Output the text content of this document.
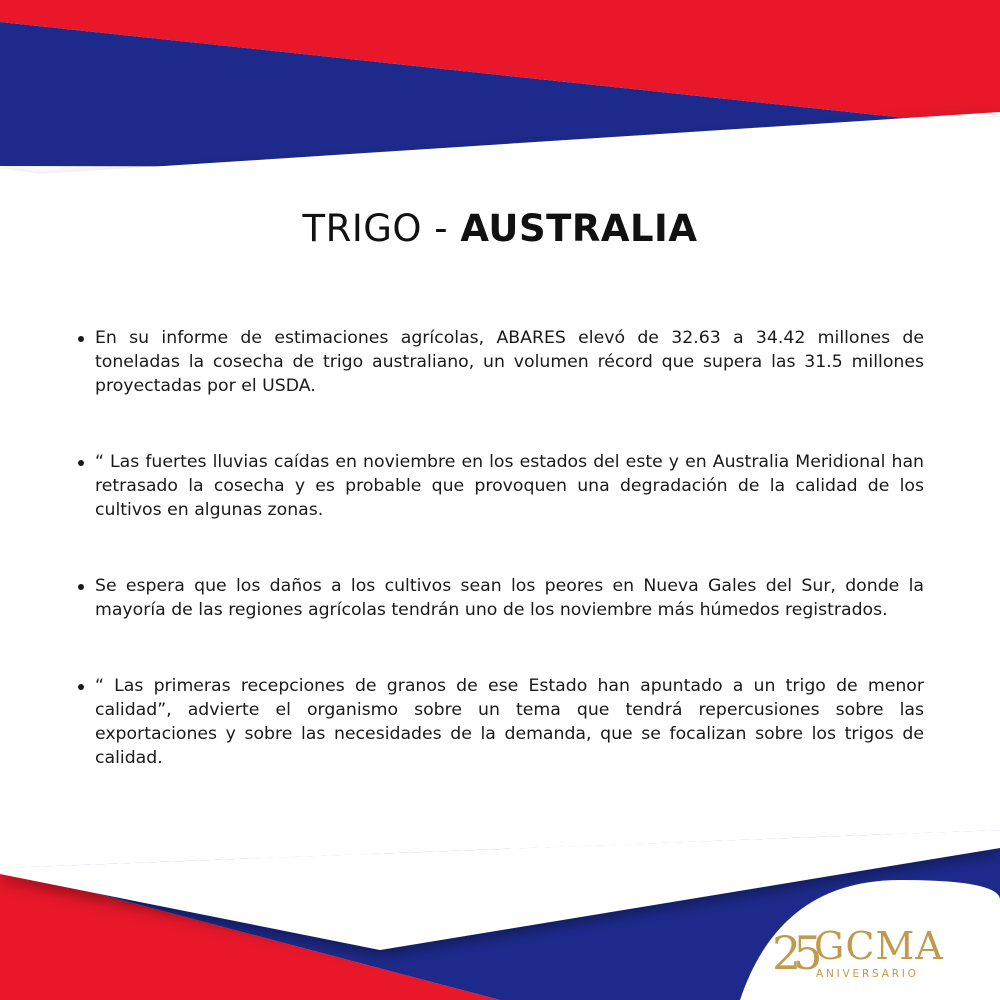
TRIGO - AUSTRALIA
En su informe de estimaciones agrícolas, ABARES elevó de 32.63 a 34.42 millones de toneladas la cosecha de trigo australiano, un volumen récord que supera las 31.5 millones proyectadas por el USDA.
“ Las fuertes lluvias caídas en noviembre en los estados del este y en Australia Meridional han retrasado la cosecha y es probable que provoquen una degradación de la calidad de los cultivos en algunas zonas.
Se espera que los daños a los cultivos sean los peores en Nueva Gales del Sur, donde la mayoría de las regiones agrícolas tendrán uno de los noviembre más húmedos registrados.
“ Las primeras recepciones de granos de ese Estado han apuntado a un trigo de menor calidad”, advierte el organismo sobre un tema que tendrá repercusiones sobre las exportaciones y sobre las necesidades de la demanda, que se focalizan sobre los trigos de calidad.
25 GCMA
ANIVERSARIO
